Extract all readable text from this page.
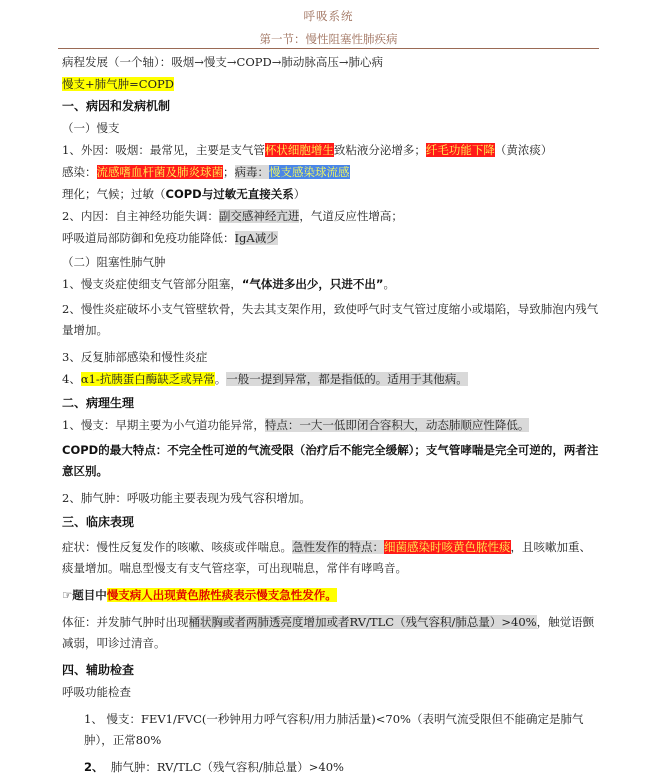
呼吸系统
第一节：慢性阻塞性肺疾病
病程发展（一个轴）：吸烟→慢支→COPD→肺动脉高压→肺心病
慢支+肺气肿=COPD
一、病因和发病机制
（一）慢支
1、外因：吸烟：最常见，主要是支气管杯状细胞增生致粘液分泌增多；纤毛功能下降（黄浓痰）
感染：流感嗜血杆菌及肺炎球菌；病毒：慢支感染球流感
理化；气候；过敏（COPD与过敏无直接关系）
2、内因：自主神经功能失调：副交感神经亢进，气道反应性增高；
呼吸道局部防御和免疫功能降低：IgA减少
（二）阻塞性肺气肿
1、慢支炎症使细支气管部分阻塞，“气体进多出少，只进不出”。
2、慢性炎症破坏小支气管壁软骨，失去其支架作用，致使呼气时支气管过度缩小或塌陷，导致肺泡内残气量增加。
3、反复肺部感染和慢性炎症
4、α1-抗胰蛋白酶缺乏或异常。一般一提到异常，都是指低的。适用于其他病。
二、病理生理
1、慢支：早期主要为小气道功能异常，特点：一大一低即闭合容积大，动态肺顺应性降低。
COPD的最大特点：不完全性可逆的气流受限（治疗后不能完全缓解）；支气管哮喘是完全可逆的，两者注意区别。
2、肺气肿：呼吸功能主要表现为残气容积增加。
三、临床表现
症状：慢性反复发作的咳嗽、咳痰或伴喘息。急性发作的特点：细菌感染时咳黄色脓性痰，且咳嗽加重、痰量增加。喘息型慢支有支气管痉挛，可出现喘息，常伴有哮鸣音。
☞题目中慢支病人出现黄色脓性痰表示慢支急性发作。
体征：并发肺气肿时出现桶状胸或者两肺透亮度增加或者RV/TLC（残气容积/肺总量）>40%，触觉语颤减弱，叩诊过清音。
四、辅助检查
呼吸功能检查
1、 慢支：FEV1/FVC(一秒钟用力呼气容积/用力肺活量)<70%（表明气流受限但不能确定是肺气肿），正常80%
2、 肺气肿：RV/TLC（残气容积/肺总量）>40%
